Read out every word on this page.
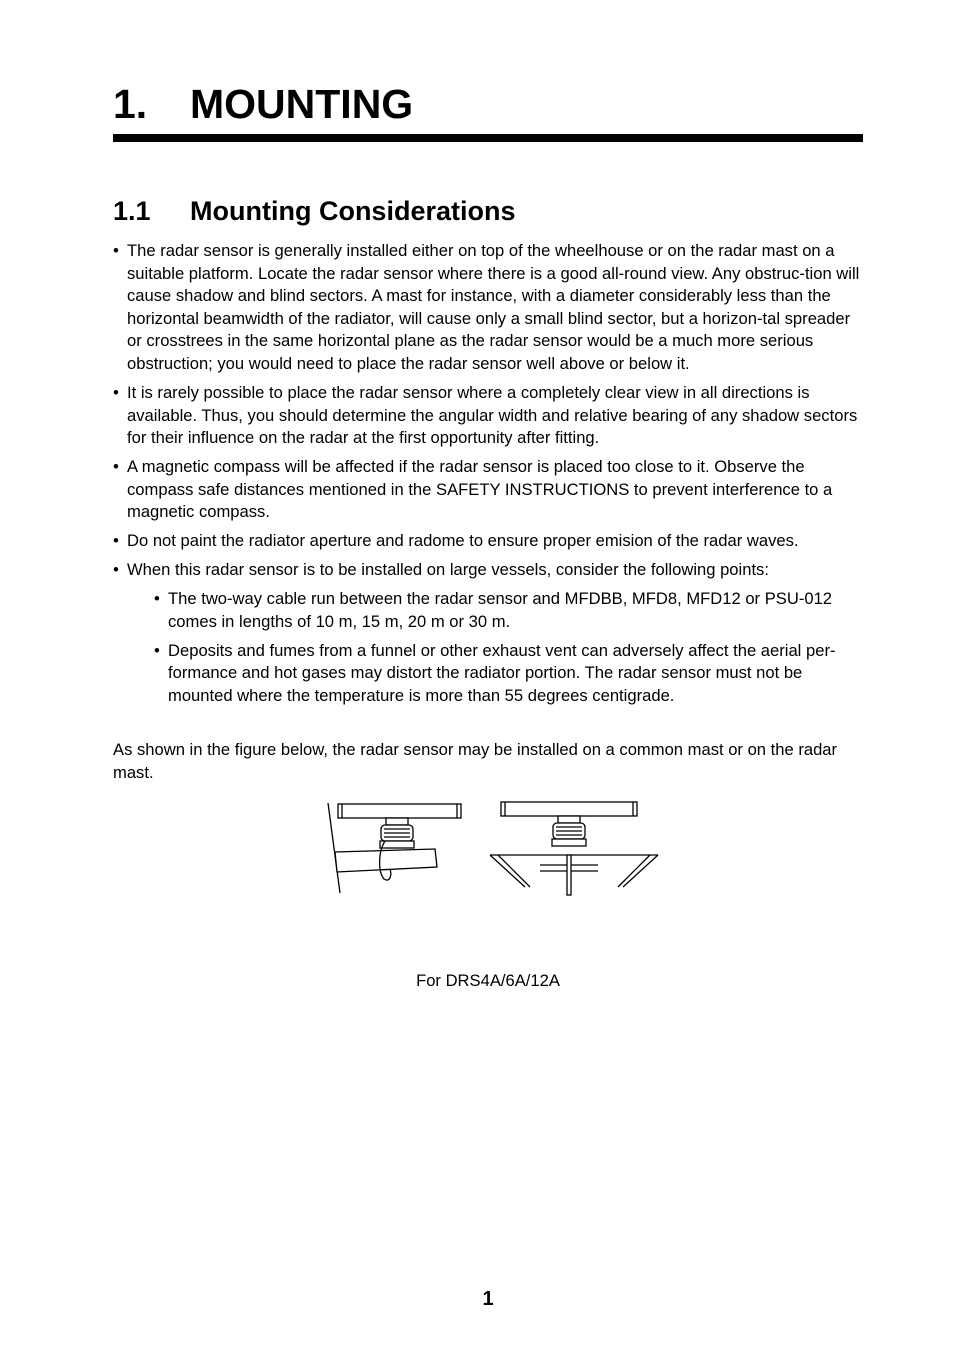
1. MOUNTING
1.1 Mounting Considerations
• The radar sensor is generally installed either on top of the wheelhouse or on the radar mast on a suitable platform. Locate the radar sensor where there is a good all-round view. Any obstruc-tion will cause shadow and blind sectors. A mast for instance, with a diameter considerably less than the horizontal beamwidth of the radiator, will cause only a small blind sector, but a horizon-tal spreader or crosstrees in the same horizontal plane as the radar sensor would be a much more serious obstruction; you would need to place the radar sensor well above or below it.
• It is rarely possible to place the radar sensor where a completely clear view in all directions is available. Thus, you should determine the angular width and relative bearing of any shadow sectors for their influence on the radar at the first opportunity after fitting.
• A magnetic compass will be affected if the radar sensor is placed too close to it. Observe the compass safe distances mentioned in the SAFETY INSTRUCTIONS to prevent interference to a magnetic compass.
• Do not paint the radiator aperture and radome to ensure proper emision of the radar waves.
• When this radar sensor is to be installed on large vessels, consider the following points:
• The two-way cable run between the radar sensor and MFDBB, MFD8, MFD12 or PSU-012 comes in lengths of 10 m, 15 m, 20 m or 30 m.
• Deposits and fumes from a funnel or other exhaust vent can adversely affect the aerial per-formance and hot gases may distort the radiator portion. The radar sensor must not be mounted where the temperature is more than 55 degrees centigrade.
As shown in the figure below, the radar sensor may be installed on a common mast or on the radar mast.
For DRS4A/6A/12A
1
